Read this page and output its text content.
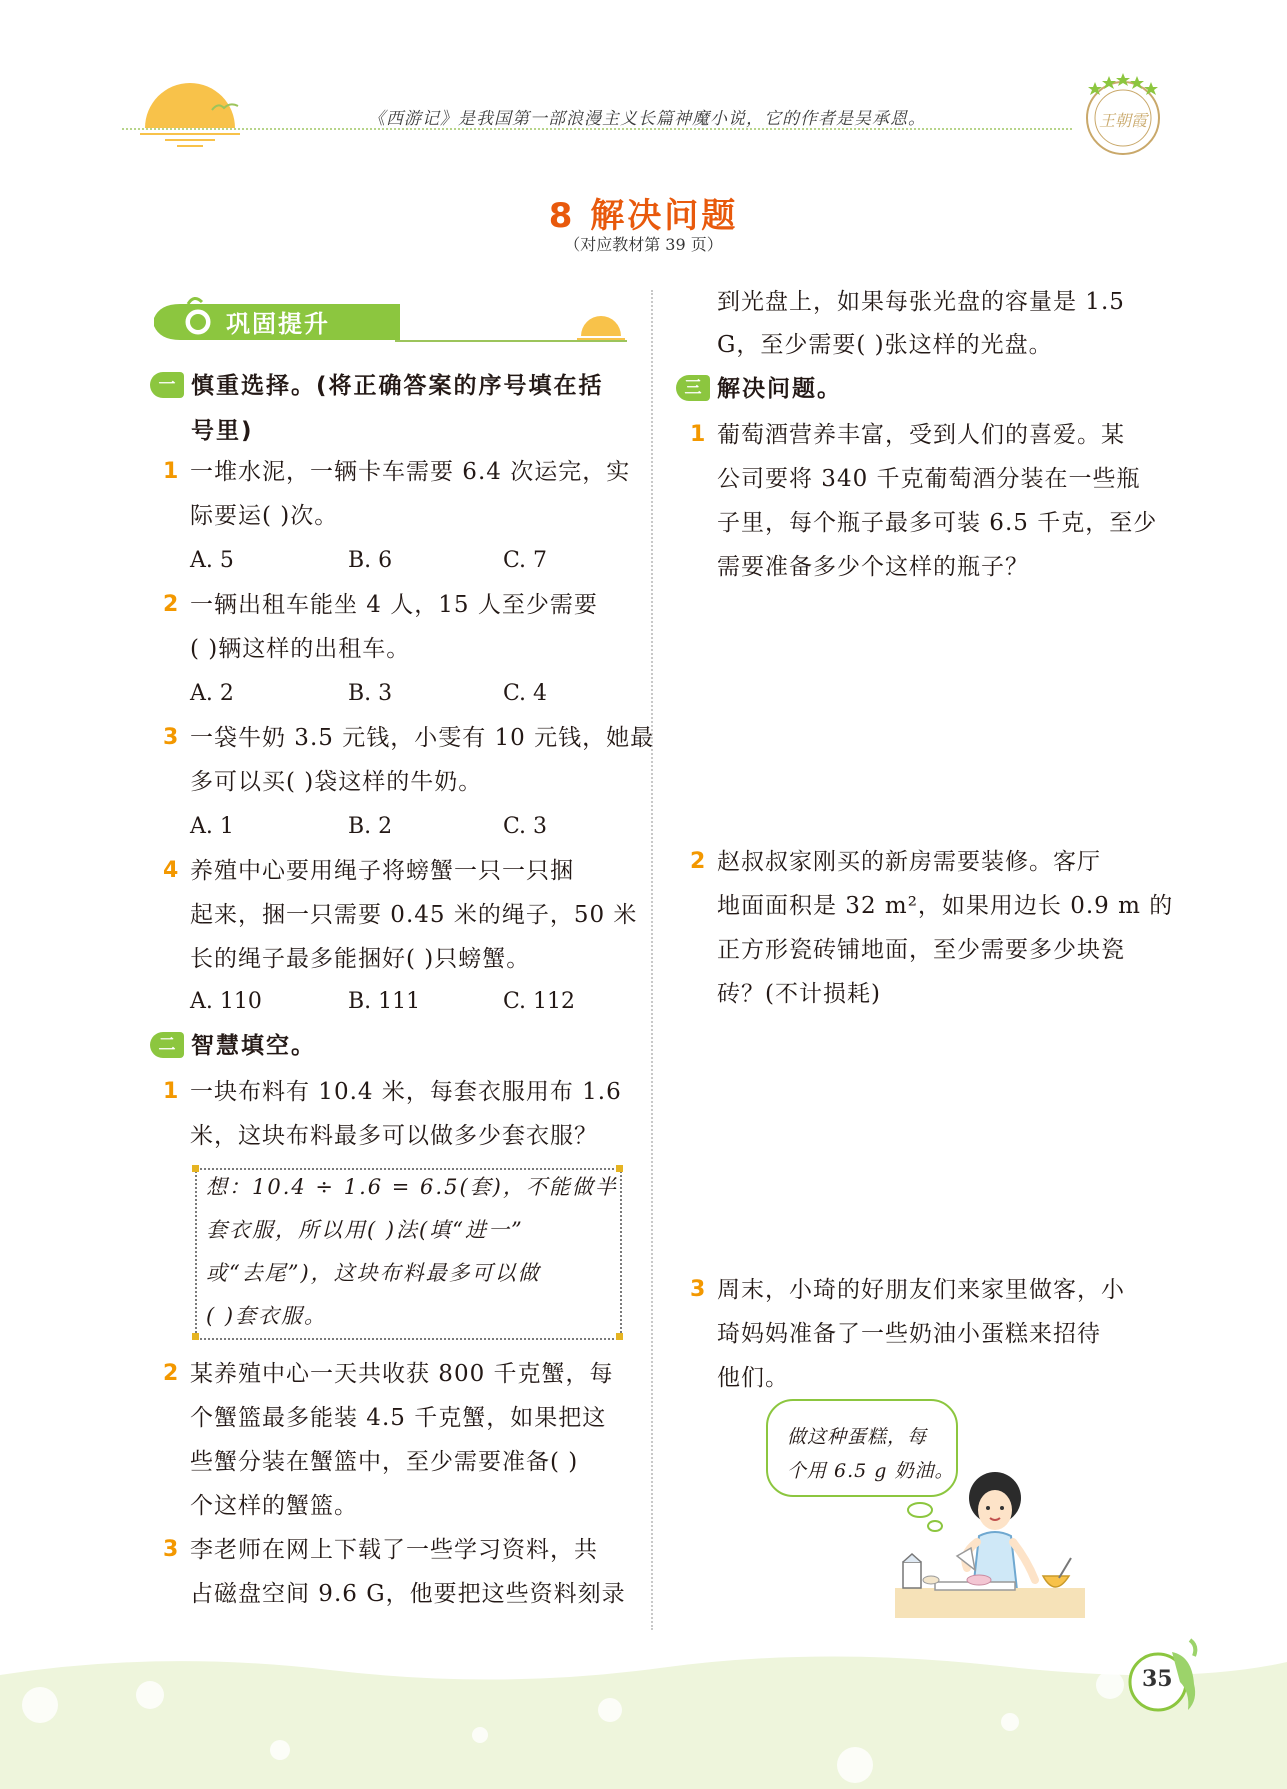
《西游记》是我国第一部浪漫主义长篇神魔小说，它的作者是吴承恩。	王朝霞
8 解决问题
（对应教材第 39 页）
巩固提升
一 慎重选择。(将正确答案的序号填在括
号里)
1 一堆水泥，一辆卡车需要 6.4 次运完，实
际要运( )次。
A. 5	B. 6	C. 7
2 一辆出租车能坐 4 人，15 人至少需要
( )辆这样的出租车。
A. 2	B. 3	C. 4
3 一袋牛奶 3.5 元钱，小雯有 10 元钱，她最
多可以买( )袋这样的牛奶。
A. 1	B. 2	C. 3
4 养殖中心要用绳子将螃蟹一只一只捆
起来，捆一只需要 0.45 米的绳子，50 米
长的绳子最多能捆好( )只螃蟹。
A. 110	B. 111	C. 112
二 智慧填空。
1 一块布料有 10.4 米，每套衣服用布 1.6
米，这块布料最多可以做多少套衣服？
想：10.4 ÷ 1.6 = 6.5(套)，不能做半
套衣服，所以用( )法(填“进一”
或“去尾”)，这块布料最多可以做
( )套衣服。
2 某养殖中心一天共收获 800 千克蟹，每
个蟹篮最多能装 4.5 千克蟹，如果把这
些蟹分装在蟹篮中，至少需要准备( )
个这样的蟹篮。
3 李老师在网上下载了一些学习资料，共
占磁盘空间 9.6 G，他要把这些资料刻录
到光盘上，如果每张光盘的容量是 1.5
G，至少需要( )张这样的光盘。
三 解决问题。
1 葡萄酒营养丰富，受到人们的喜爱。某
公司要将 340 千克葡萄酒分装在一些瓶
子里，每个瓶子最多可装 6.5 千克，至少
需要准备多少个这样的瓶子？
2 赵叔叔家刚买的新房需要装修。客厅
地面面积是 32 m²，如果用边长 0.9 m 的
正方形瓷砖铺地面，至少需要多少块瓷
砖？(不计损耗)
3 周末，小琦的好朋友们来家里做客，小
琦妈妈准备了一些奶油小蛋糕来招待
他们。
做这种蛋糕，每
个用 6.5 g 奶油。
35
